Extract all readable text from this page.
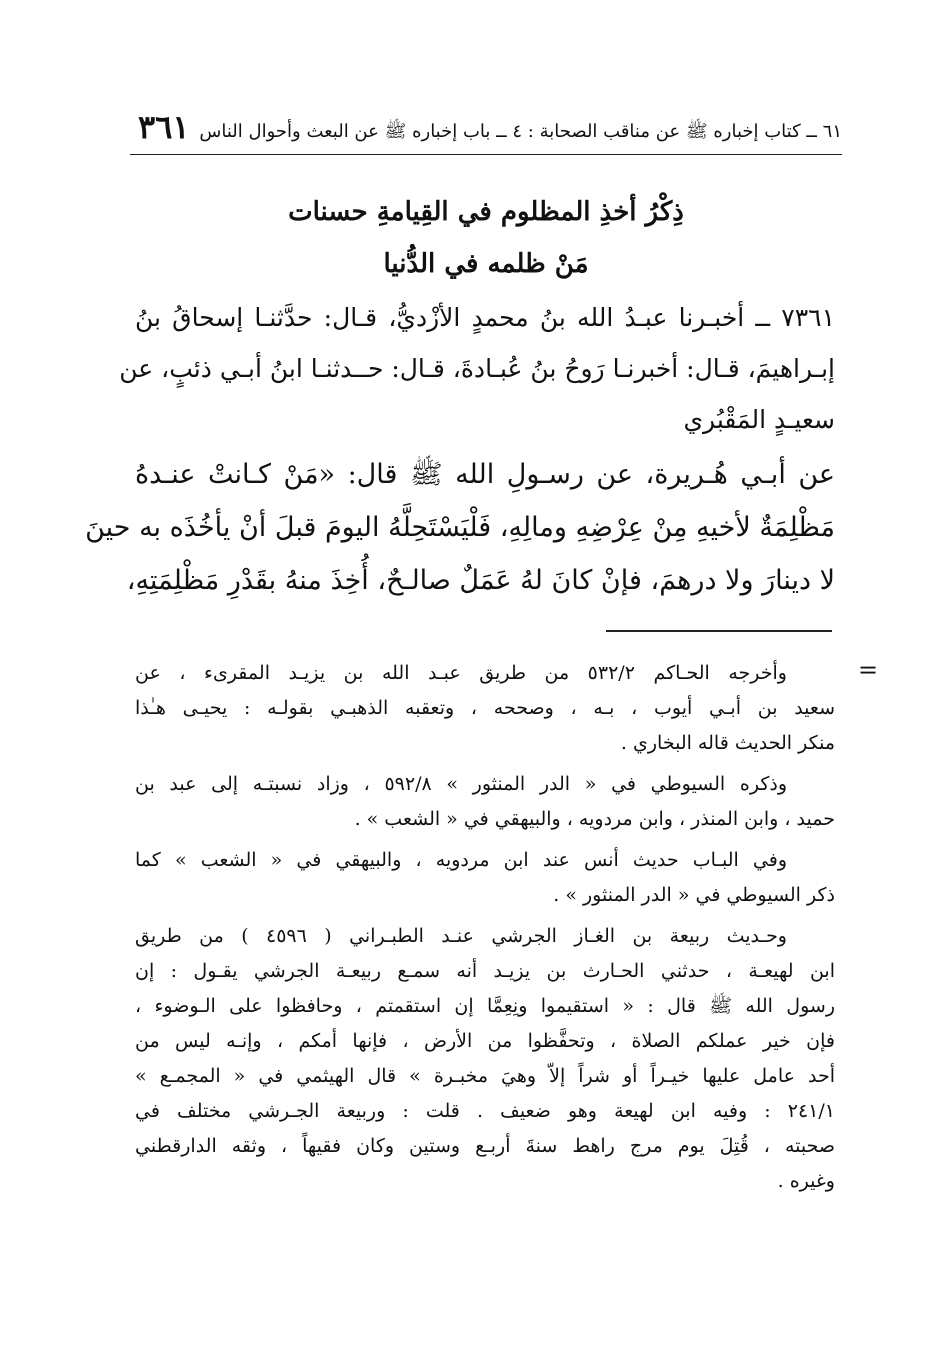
٦١ ــ كتاب إخباره ﷺ عن مناقب الصحابة : ٤ ــ باب إخباره ﷺ عن البعث وأحوال الناس
٣٦١
ذِكْرُ أخذِ المظلوم في القِيامةِ حسنات
مَنْ ظلمه في الدُّنيا
٧٣٦١ ــ أخبـرنا عبـدُ الله بنُ محمدٍ الأزْديُّ، قـال: حدَّثنـا إسحاقُ بنُ
إبـراهيمَ، قـال: أخبرنـا رَوحُ بنُ عُبـادةَ، قـال: حــدثنـا ابنُ أبـي ذئبٍ، عن
سعيـدٍ المَقْبُري
عن أبـي هُـريرة، عن رسـولِ الله ﷺ قال: «مَنْ كـانتْ عنـدهُ
مَظْلِمَةٌ لأخيهِ مِنْ عِرْضِهِ ومالِهِ، فَلْيَسْتَحِلَّهُ اليومَ قبلَ أنْ يأخُذَه به حينَ
لا دينارَ ولا درهمَ، فإنْ كانَ لهُ عَمَلٌ صالـحٌ، أُخِذَ منهُ بقَدْرِ مَظْلِمَتِهِ،
=
وأخرجه الحـاكم ٥٣٢/٢ من طريق عبـد الله بن يزيـد المقرىء ، عن
سعيد بن أبـي أيوب ، بـه ، وصححه ، وتعقبه الذهبـي بقولـه : يحيـى هـٰذا
منكر الحديث قاله البخاري .
وذكره السيوطي في « الدر المنثور » ٥٩٢/٨ ، وزاد نسبتـه إلى عبد بن
حميد ، وابن المنذر ، وابن مردويه ، والبيهقي في « الشعب » .
وفي البـاب حديث أنس عند ابن مردويه ، والبيهقي في « الشعب » كما
ذكر السيوطي في « الدر المنثور » .
وحـديث ربيعة بن الغـاز الجرشي عنـد الطبـراني ( ٤٥٩٦ ) من طريق
ابن لهيعـة ، حدثني الحـارث بن يزيـد أنه سمـع ربيعـة الجرشي يقـول : إن
رسول الله ﷺ قال : « استقيموا ونِعِمَّا إن استقمتم ، وحافظوا على الـوضوء ،
فإن خير عملكم الصلاة ، وتحفَّظوا من الأرض ، فإنها أمكم ، وإنـه ليس من
أحد عامل عليها خيـراً أو شراً إلاّ وهيَ مخبـرة » قال الهيثمي في « المجمـع »
٢٤١/١ : وفيه ابن لهيعة وهو ضعيف . قلت : وربيعة الجـرشي مختلف في
صحبته ، قُتِلَ يوم مرج راهط سنةَ أربـع وستين وكان فقيهاً ، وثقه الدارقطني
وغيره .
